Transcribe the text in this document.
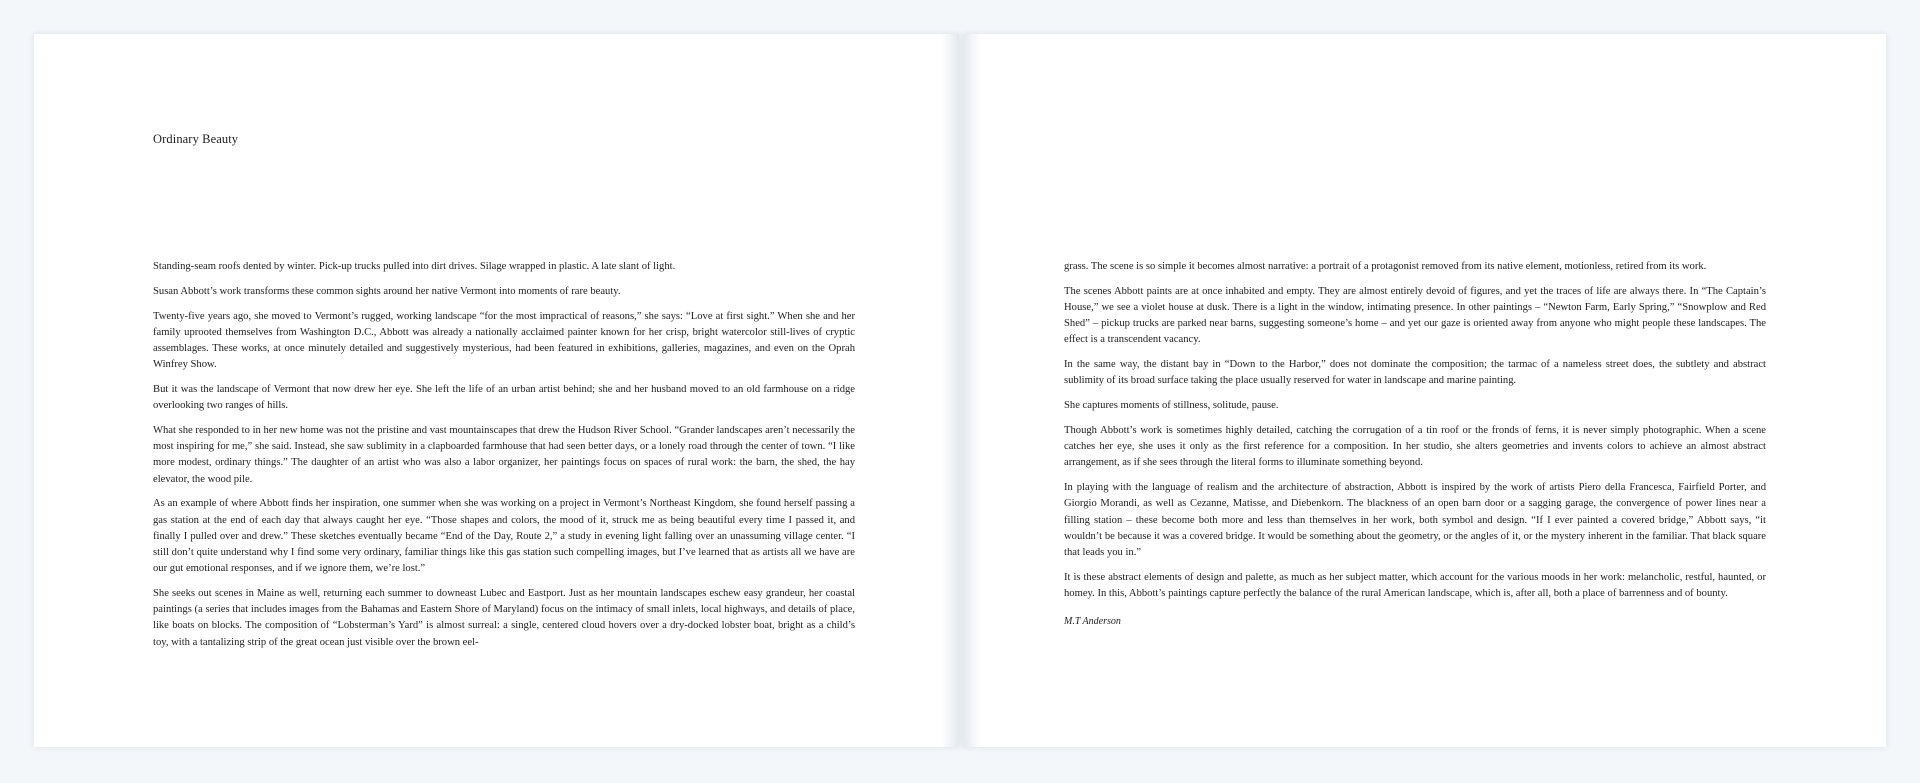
Ordinary Beauty

Standing-seam roofs dented by winter. Pick-up trucks pulled into dirt drives. Silage wrapped in plastic. A late slant of light.

Susan Abbott’s work transforms these common sights around her native Vermont into moments of rare beauty.

Twenty-five years ago, she moved to Vermont’s rugged, working landscape “for the most impractical of reasons,” she says: “Love at first sight.” When she and her family uprooted themselves from Washington D.C., Abbott was already a nationally acclaimed painter known for her crisp, bright watercolor still-lives of cryptic assemblages. These works, at once minutely detailed and suggestively mysterious, had been featured in exhibitions, galleries, magazines, and even on the Oprah Winfrey Show.

But it was the landscape of Vermont that now drew her eye. She left the life of an urban artist behind; she and her husband moved to an old farmhouse on a ridge overlooking two ranges of hills.

What she responded to in her new home was not the pristine and vast mountainscapes that drew the Hudson River School. “Grander landscapes aren’t necessarily the most inspiring for me,” she said. Instead, she saw sublimity in a clapboarded farmhouse that had seen better days, or a lonely road through the center of town. “I like more modest, ordinary things.” The daughter of an artist who was also a labor organizer, her paintings focus on spaces of rural work: the barn, the shed, the hay elevator, the wood pile.

As an example of where Abbott finds her inspiration, one summer when she was working on a project in Vermont’s Northeast Kingdom, she found herself passing a gas station at the end of each day that always caught her eye. “Those shapes and colors, the mood of it, struck me as being beautiful every time I passed it, and finally I pulled over and drew.” These sketches eventually became “End of the Day, Route 2,” a study in evening light falling over an unassuming village center. “I still don’t quite understand why I find some very ordinary, familiar things like this gas station such compelling images, but I’ve learned that as artists all we have are our gut emotional responses, and if we ignore them, we’re lost.”

She seeks out scenes in Maine as well, returning each summer to downeast Lubec and Eastport. Just as her mountain landscapes eschew easy grandeur, her coastal paintings (a series that includes images from the Bahamas and Eastern Shore of Maryland) focus on the intimacy of small inlets, local highways, and details of place, like boats on blocks. The composition of “Lobsterman’s Yard” is almost surreal: a single, centered cloud hovers over a dry-docked lobster boat, bright as a child’s toy, with a tantalizing strip of the great ocean just visible over the brown eel-

grass. The scene is so simple it becomes almost narrative: a portrait of a protagonist removed from its native element, motionless, retired from its work.

The scenes Abbott paints are at once inhabited and empty. They are almost entirely devoid of figures, and yet the traces of life are always there. In “The Captain’s House,” we see a violet house at dusk. There is a light in the window, intimating presence. In other paintings – “Newton Farm, Early Spring,” “Snowplow and Red Shed” – pickup trucks are parked near barns, suggesting someone’s home – and yet our gaze is oriented away from anyone who might people these landscapes. The effect is a transcendent vacancy.

In the same way, the distant bay in “Down to the Harbor,” does not dominate the composition; the tarmac of a nameless street does, the subtlety and abstract sublimity of its broad surface taking the place usually reserved for water in landscape and marine painting.

She captures moments of stillness, solitude, pause.

Though Abbott’s work is sometimes highly detailed, catching the corrugation of a tin roof or the fronds of ferns, it is never simply photographic. When a scene catches her eye, she uses it only as the first reference for a composition. In her studio, she alters geometries and invents colors to achieve an almost abstract arrangement, as if she sees through the literal forms to illuminate something beyond.

In playing with the language of realism and the architecture of abstraction, Abbott is inspired by the work of artists Piero della Francesca, Fairfield Porter, and Giorgio Morandi, as well as Cezanne, Matisse, and Diebenkorn. The blackness of an open barn door or a sagging garage, the convergence of power lines near a filling station – these become both more and less than themselves in her work, both symbol and design. “If I ever painted a covered bridge,” Abbott says, “it wouldn’t be because it was a covered bridge. It would be something about the geometry, or the angles of it, or the mystery inherent in the familiar. That black square that leads you in.”

It is these abstract elements of design and palette, as much as her subject matter, which account for the various moods in her work: melancholic, restful, haunted, or homey. In this, Abbott’s paintings capture perfectly the balance of the rural American landscape, which is, after all, both a place of barrenness and of bounty.

M.T Anderson
